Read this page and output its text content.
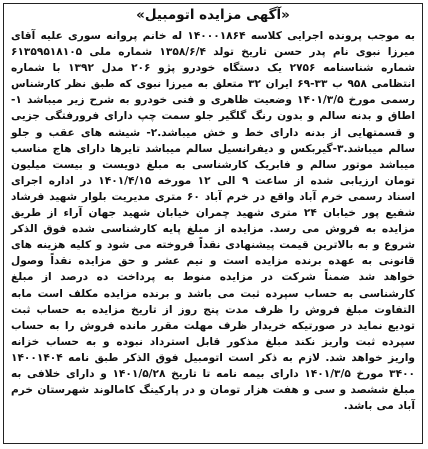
«آگهی مزایده اتومبیل»
به موجب پرونده اجرایی کلاسه ۱۴۰۰۰۱۸۶۴ له خانم پروانه سوری علیه آقای میرزا نبوی نام پدر حسن تاریخ تولد ۱۳۵۸/۶/۴ شماره ملی ۶۱۳۵۹۵۱۸۱۰۵ شماره شناسنامه ۲۷۵۶ یک دستگاه خودرو پژو ۲۰۶ مدل ۱۳۹۲ با شماره انتظامی ۹۵۸ ب ۳۳-۶۹ ایران ۳۲ متعلق به میرزا نبوی که طبق نظر کارشناس رسمی مورخ ۱۴۰۱/۳/۵ وضعیت ظاهری و فنی خودرو به شرح زیر میباشد ۱- اطاق و بدنه سالم و بدون رنگ گلگیر جلو سمت چپ دارای فرورفتگی جزیی و قسمتهایی از بدنه دارای خط و خش میباشد.۲- شیشه های عقب و جلو سالم میباشد.۳-گیربکس و دیفرانسیل سالم میباشد تایرها دارای هاج مناسب میباشد موتور سالم و فابریک کارشناسی به مبلغ دویست و بیست میلیون تومان ارزیابی شده از ساعت ۹ الی ۱۲ مورخه ۱۴۰۱/۴/۱۵ در اداره اجرای اسناد رسمی خرم آباد واقع در خرم آباد ۶۰ متری مدیریت بلوار شهید فرشاد شفیع پور خیابان ۲۴ متری شهید چمران خیابان شهید جهان آراء از طریق مزایده به فروش می رسد. مزایده از مبلغ پایه کارشناسی شده فوق الذکر شروع و به بالاترین قیمت پیشنهادی نقداً فروخته می شود و کلیه هزینه های قانونی به عهده برنده مزایده است و نیم عشر و حق مزایده نقداً وصول خواهد شد ضمناً شرکت در مزایده منوط به پرداخت ده درصد از مبلغ کارشناسی به حساب سپرده ثبت می باشد و برنده مزایده مکلف است مابه التفاوت مبلغ فروش را ظرف مدت پنج روز از تاریخ مزایده به حساب ثبت تودیع نماید در صورتیکه خریدار ظرف مهلت مقرر مانده فروش را به حساب سپرده ثبت واریز نکند مبلغ مذکور قابل استرداد نبوده و به حساب خزانه واریز خواهد شد. لازم به ذکر است اتومبیل فوق الذکر طبق نامه ۱۴۰۰۱۴۰۴ ۳۴۰۰ مورخ ۱۴۰۱/۳/۵ دارای بیمه نامه تا تاریخ ۱۴۰۱/۵/۲۸ و دارای خلافی به مبلغ ششصد و سی و هفت هزار تومان و در پارکینگ کامالوند شهرستان خرم آباد می باشد.
